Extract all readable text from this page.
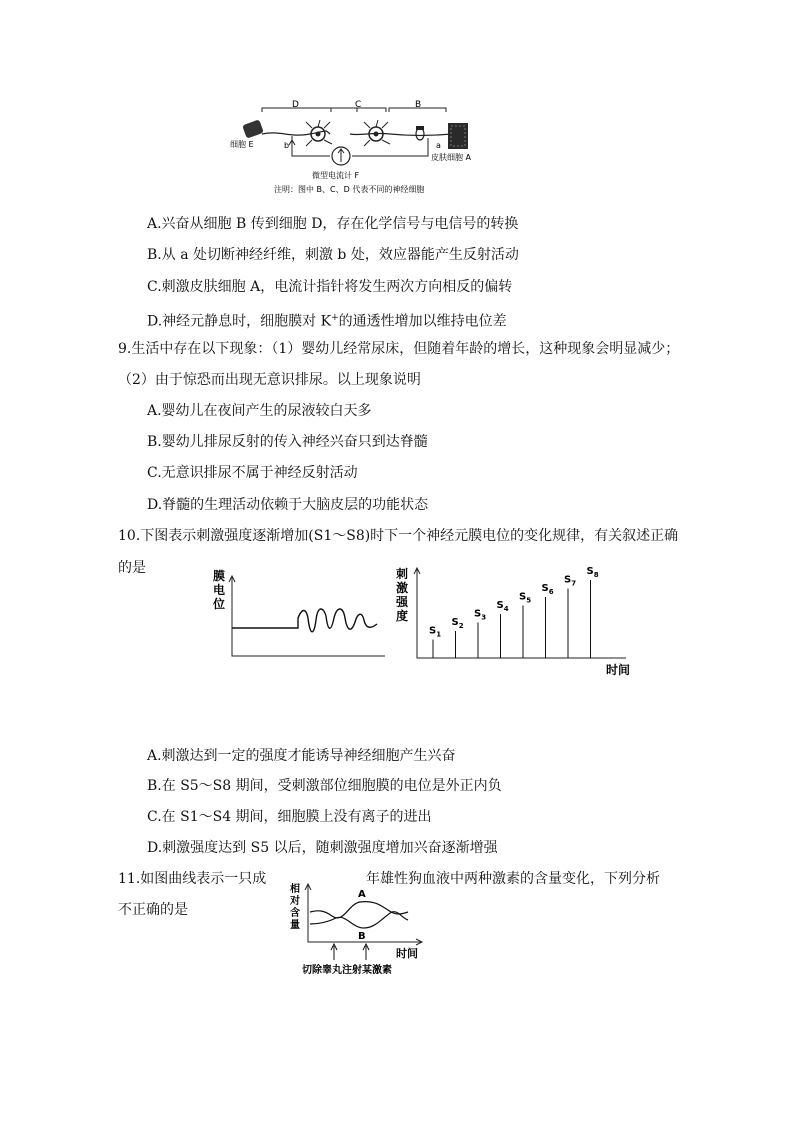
D	C	B
细胞 E	b	a
皮肤细胞 A
微型电流计 F
注明：图中 B、C、D 代表不同的神经细胞
A.兴奋从细胞 B 传到细胞 D，存在化学信号与电信号的转换
B.从 a 处切断神经纤维，刺激 b 处，效应器能产生反射活动
C.刺激皮肤细胞 A，电流计指针将发生两次方向相反的偏转
D.神经元静息时，细胞膜对 K+的通透性增加以维持电位差
9.生活中存在以下现象：（1）婴幼儿经常尿床，但随着年龄的增长，这种现象会明显减少；
（2）由于惊恐而出现无意识排尿。以上现象说明
A.婴幼儿在夜间产生的尿液较白天多
B.婴幼儿排尿反射的传入神经兴奋只到达脊髓
C.无意识排尿不属于神经反射活动
D.脊髓的生理活动依赖于大脑皮层的功能状态
10.下图表示刺激强度逐渐增加(S1～S8)时下一个神经元膜电位的变化规律，有关叙述正确
的是	膜
电
位
刺
激
强
度
$S_1$
$S_2$
$S_3$
$S_4$
$S_5$
$S_6$
$S_7$
$S_8$
时间
A.刺激达到一定的强度才能诱导神经细胞产生兴奋
B.在 S5～S8 期间，受刺激部位细胞膜的电位是外正内负
C.在 S1～S4 期间，细胞膜上没有离子的进出
D.刺激强度达到 S5 以后，随刺激强度增加兴奋逐渐增强
11.如图曲线表示一只成	年雄性狗血液中两种激素的含量变化，下列分析
不正确的是
相
对
含
量
A
B
时间
切除睾丸注射某激素
